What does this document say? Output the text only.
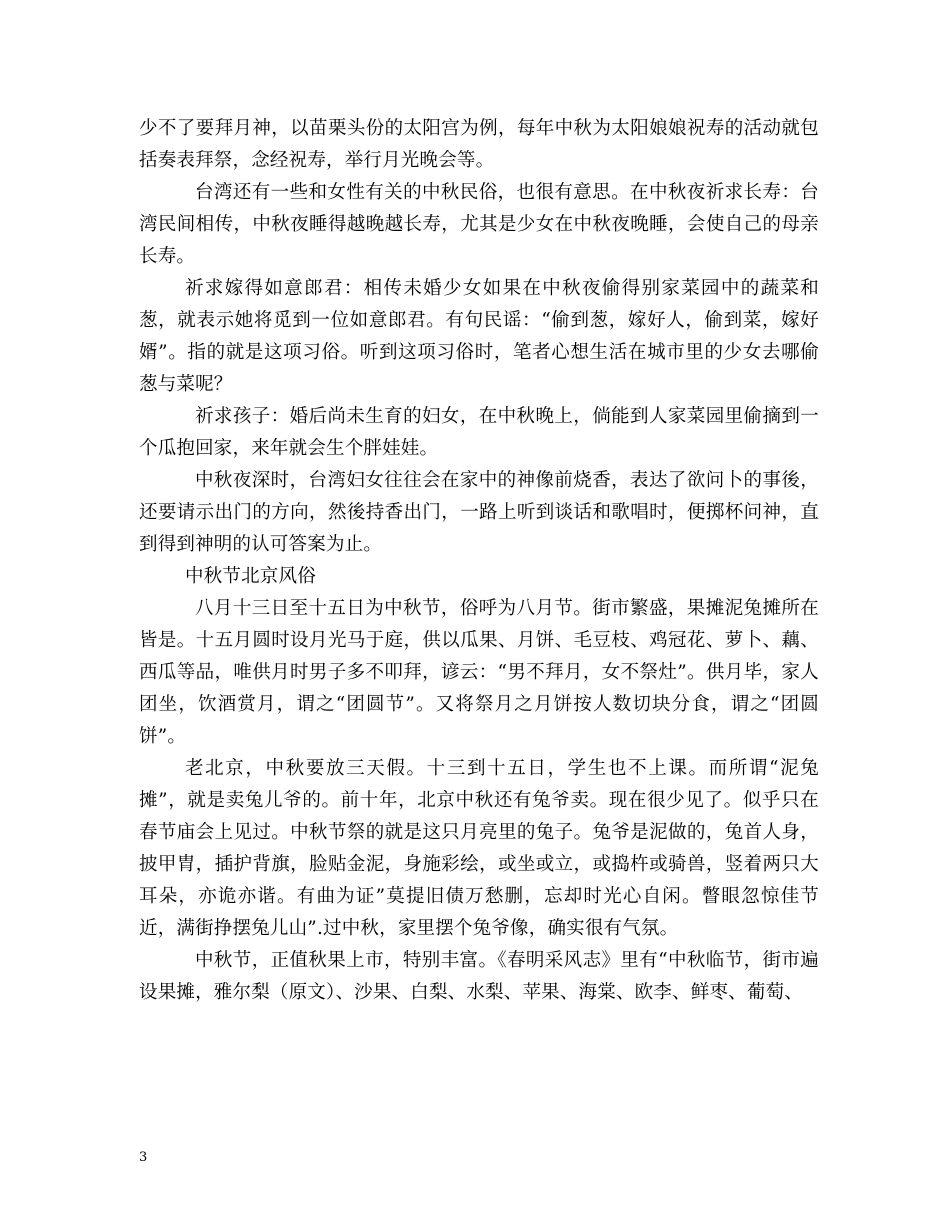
少不了要拜月神，以苗栗头份的太阳宫为例，每年中秋为太阳娘娘祝寿的活动就包括奏表拜祭，念经祝寿，举行月光晚会等。

台湾还有一些和女性有关的中秋民俗，也很有意思。在中秋夜祈求长寿：台湾民间相传，中秋夜睡得越晚越长寿，尤其是少女在中秋夜晚睡，会使自己的母亲长寿。

祈求嫁得如意郎君：相传未婚少女如果在中秋夜偷得别家菜园中的蔬菜和葱，就表示她将觅到一位如意郎君。有句民谣：“偷到葱，嫁好人，偷到菜，嫁好婿”。指的就是这项习俗。听到这项习俗时，笔者心想生活在城市里的少女去哪偷葱与菜呢？

祈求孩子：婚后尚未生育的妇女，在中秋晚上，倘能到人家菜园里偷摘到一个瓜抱回家，来年就会生个胖娃娃。

中秋夜深时，台湾妇女往往会在家中的神像前烧香，表达了欲问卜的事後，还要请示出门的方向，然後持香出门，一路上听到谈话和歌唱时，便掷杯问神，直到得到神明的认可答案为止。

中秋节北京风俗

八月十三日至十五日为中秋节，俗呼为八月节。街市繁盛，果摊泥兔摊所在皆是。十五月圆时设月光马于庭，供以瓜果、月饼、毛豆枝、鸡冠花、萝卜、藕、西瓜等品，唯供月时男子多不叩拜，谚云：“男不拜月，女不祭灶”。供月毕，家人团坐，饮酒赏月，谓之“团圆节”。又将祭月之月饼按人数切块分食，谓之“团圆饼”。

老北京，中秋要放三天假。十三到十五日，学生也不上课。而所谓“泥兔摊”，就是卖兔儿爷的。前十年，北京中秋还有兔爷卖。现在很少见了。似乎只在春节庙会上见过。中秋节祭的就是这只月亮里的兔子。兔爷是泥做的，兔首人身，披甲胄，插护背旗，脸贴金泥，身施彩绘，或坐或立，或捣杵或骑兽，竖着两只大耳朵，亦诡亦谐。有曲为证”莫提旧债万愁删，忘却时光心自闲。瞥眼忽惊佳节近，满街挣摆兔儿山”.过中秋，家里摆个兔爷像，确实很有气氛。

中秋节，正值秋果上市，特别丰富。《春明采风志》里有“中秋临节，街市遍设果摊，雅尔梨（原文）、沙果、白梨、水梨、苹果、海棠、欧李、鲜枣、葡萄、

3
